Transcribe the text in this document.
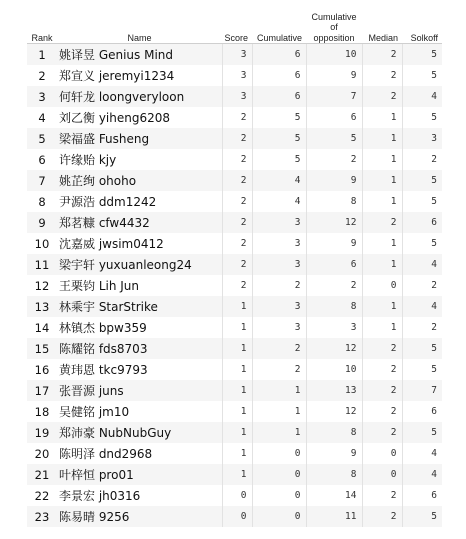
Rank	Name	Score	Cumulative	Cumulative
of
opposition	Median	Solkoff
1	姚译昱 Genius Mind	3	6	10	2	5
2	郑宣义 jeremyi1234	3	6	9	2	5
3	何轩龙 loongveryloon	3	6	7	2	4
4	刘乙衡 yiheng6208	2	5	6	1	5
5	梁福盛 Fusheng	2	5	5	1	3
6	许缘贻 kjy	2	5	2	1	2
7	姚芷绚 ohoho	2	4	9	1	5
8	尹源浩 ddm1242	2	4	8	1	5
9	郑茗糠 cfw4432	2	3	12	2	6
10	沈嘉威 jwsim0412	2	3	9	1	5
11	梁宇轩 yuxuanleong24	2	3	6	1	4
12	王栗钧 Lih Jun	2	2	2	0	2
13	林乘宇 StarStrike	1	3	8	1	4
14	林镇杰 bpw359	1	3	3	1	2
15	陈耀铭 fds8703	1	2	12	2	5
16	黄玮恩 tkc9793	1	2	10	2	5
17	张晋源 juns	1	1	13	2	7
18	吴健铭 jm10	1	1	12	2	6
19	郑沛豪 NubNubGuy	1	1	8	2	5
20	陈明泽 dnd2968	1	0	9	0	4
21	叶梓恒 pro01	1	0	8	0	4
22	李景宏 jh0316	0	0	14	2	6
23	陈易晴 9256	0	0	11	2	5
